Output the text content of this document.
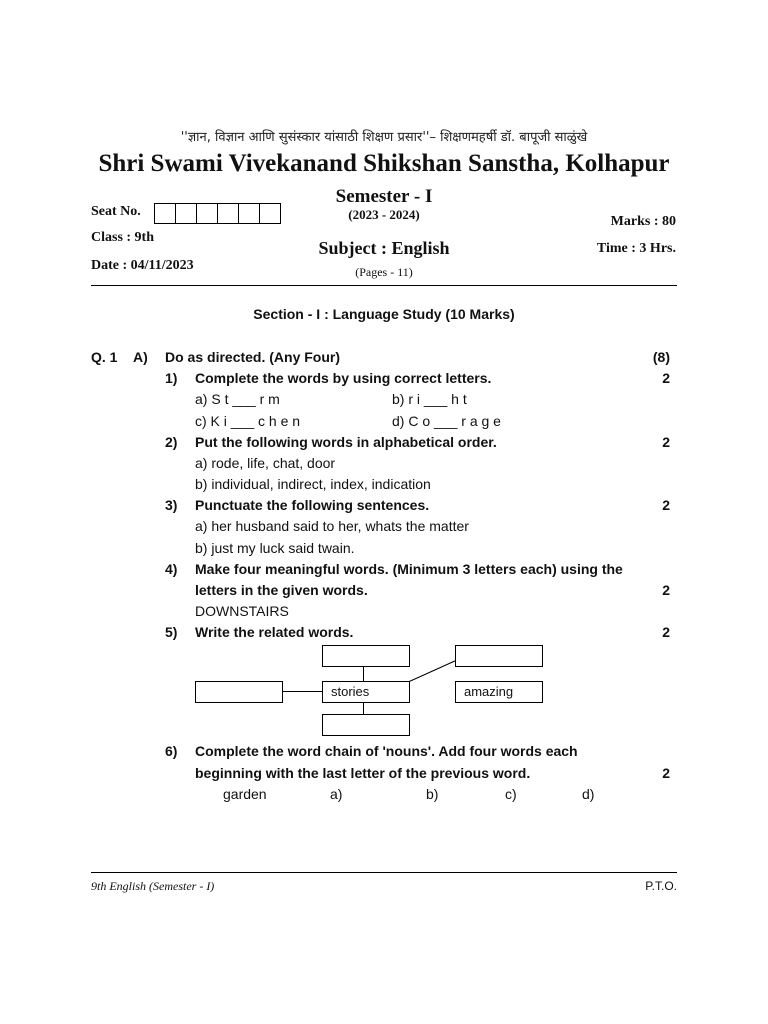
''ज्ञान, विज्ञान आणि सुसंस्कार यांसाठी शिक्षण प्रसार''– शिक्षणमहर्षी डॉ. बापूजी साळुंखे
Shri Swami Vivekanand Shikshan Sanstha, Kolhapur
Semester - I
(2023 - 2024)
Subject : English
(Pages - 11)
Seat No.
Class : 9th
Date : 04/11/2023
Marks : 80
Time : 3 Hrs.
Section - I : Language Study (10 Marks)
Q. 1 A) Do as directed. (Any Four)	(8)
1) Complete the words by using correct letters.	2
a) S t ___ r m	b) r i ___ h t
c) K i ___ c h e n	d) C o ___ r a g e
2) Put the following words in alphabetical order.	2
a) rode, life, chat, door
b) individual, indirect, index, indication
3) Punctuate the following sentences.	2
a) her husband said to her, whats the matter
b) just my luck said twain.
4) Make four meaningful words. (Minimum 3 letters each) using the
letters in the given words.	2
DOWNSTAIRS
5) Write the related words.	2
stories	amazing
6) Complete the word chain of 'nouns'. Add four words each
beginning with the last letter of the previous word.	2
garden	a)	b)	c)	d)
9th English (Semester - I)	P.T.O.
